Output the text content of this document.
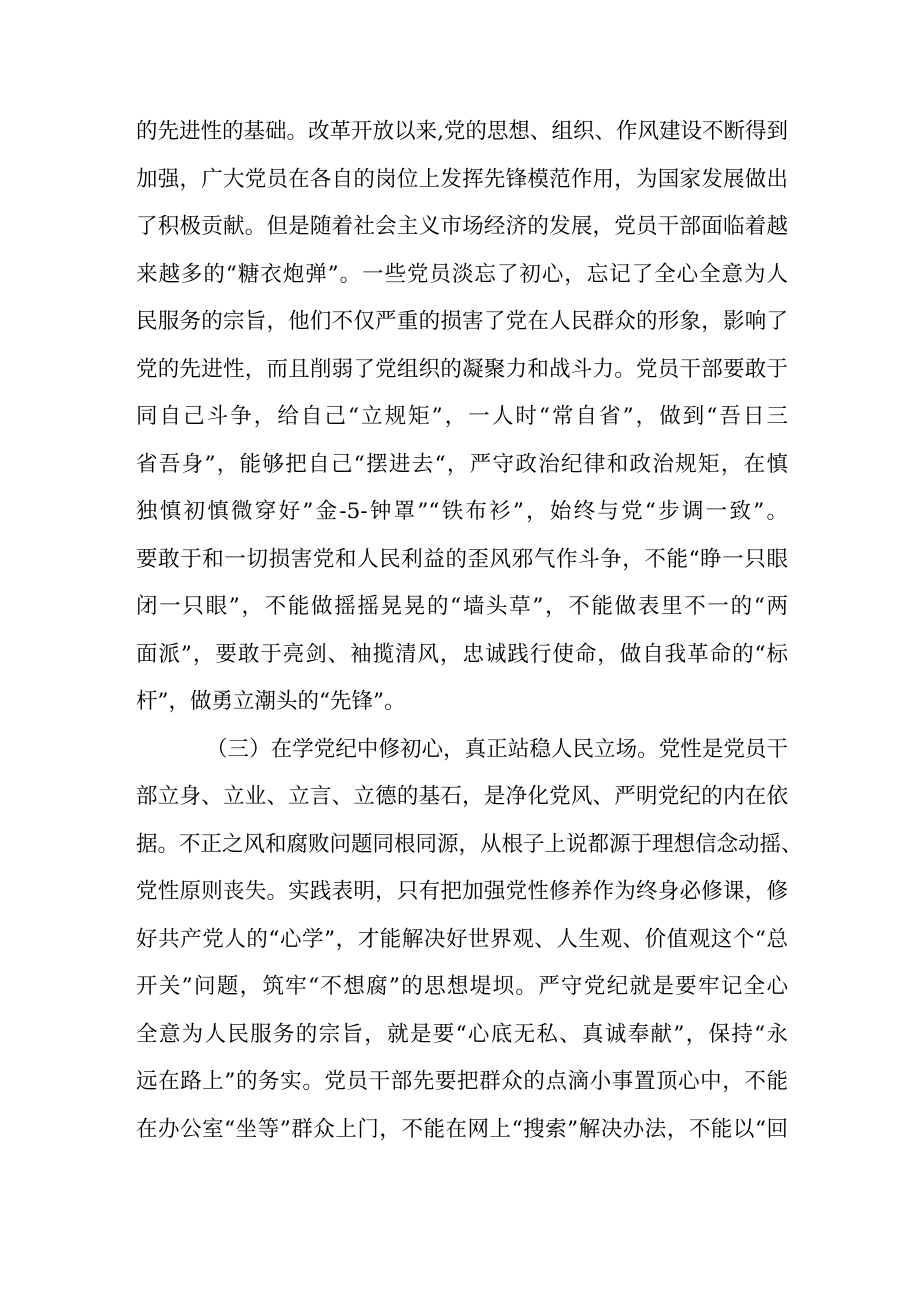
的先进性的基础。改革开放以来,党的思想、组织、作风建设不断得到
加强，广大党员在各自的岗位上发挥先锋模范作用，为国家发展做出
了积极贡献。但是随着社会主义市场经济的发展，党员干部面临着越
来越多的“糖衣炮弹”。一些党员淡忘了初心，忘记了全心全意为人
民服务的宗旨，他们不仅严重的损害了党在人民群众的形象，影响了
党的先进性，而且削弱了党组织的凝聚力和战斗力。党员干部要敢于
同自己斗争，给自己“立规矩”，一人时“常自省”，做到“吾日三
省吾身”，能够把自己“摆进去“，严守政治纪律和政治规矩，在慎
独慎初慎微穿好”金-5-钟罩”“铁布衫”，始终与党“步调一致”。
要敢于和一切损害党和人民利益的歪风邪气作斗争，不能“睁一只眼
闭一只眼”，不能做摇摇晃晃的“墙头草”，不能做表里不一的“两
面派”，要敢于亮剑、袖揽清风，忠诚践行使命，做自我革命的“标
杆”，做勇立潮头的“先锋”。
（三）在学党纪中修初心，真正站稳人民立场。党性是党员干
部立身、立业、立言、立德的基石，是净化党风、严明党纪的内在依
据。不正之风和腐败问题同根同源，从根子上说都源于理想信念动摇、
党性原则丧失。实践表明，只有把加强党性修养作为终身必修课，修
好共产党人的“心学”，才能解决好世界观、人生观、价值观这个“总
开关”问题，筑牢“不想腐”的思想堤坝。严守党纪就是要牢记全心
全意为人民服务的宗旨，就是要“心底无私、真诚奉献”，保持“永
远在路上”的务实。党员干部先要把群众的点滴小事置顶心中，不能
在办公室“坐等”群众上门，不能在网上“搜索”解决办法，不能以“回
